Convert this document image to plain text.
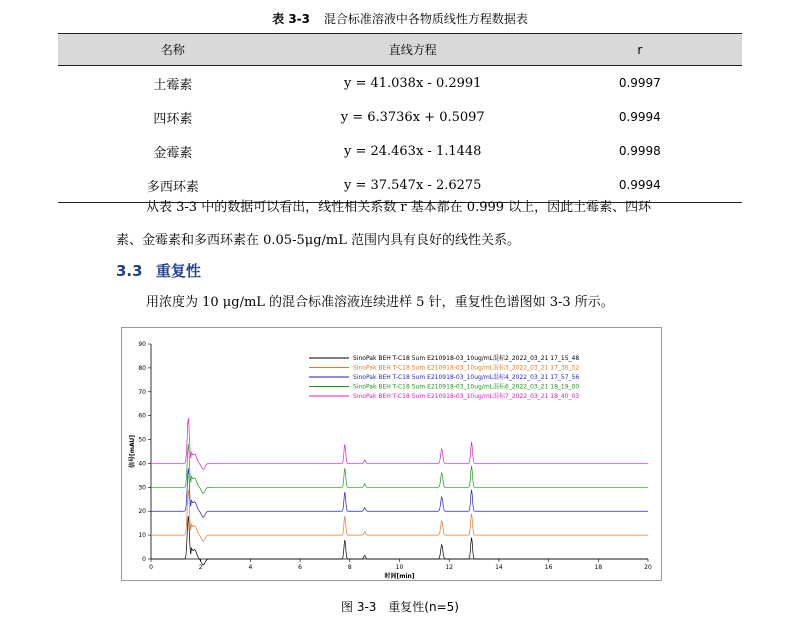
表 3-3 混合标准溶液中各物质线性方程数据表
名称	直线方程	r
土霉素	y = 41.038x - 0.2991	0.9997
四环素	y = 6.3736x + 0.5097	0.9994
金霉素	y = 24.463x - 1.1448	0.9998
多西环素	y = 37.547x - 2.6275	0.9994
从表 3-3 中的数据可以看出，线性相关系数 r 基本都在 0.999 以上，因此土霉素、四环
素、金霉素和多西环素在 0.05-5μg/mL 范围内具有良好的线性关系。
3.3 重复性
用浓度为 10 μg/mL 的混合标准溶液连续进样 5 针，重复性色谱图如 3-3 所示。
0	2	4	6	8	10	12	14	16	18	20
0
10
20
30
40
50
60
70
80
90
时间[min]
信号[mAU]
SinoPak BEH T-C18 5um E210918-03_10ug/mL混标2_2022_03_21 17_15_48
SinoPak BEH T-C18 5um E210918-03_10ug/mL混标3_2022_03_21 17_36_52
SinoPak BEH T-C18 5um E210918-03_10ug/mL混标4_2022_03_21 17_57_56
SinoPak BEH T-C18 5um E210918-03_10ug/mL混标6_2022_03_21 18_19_00
SinoPak BEH T-C18 5um E210918-03_10ug/mL混标7_2022_03_21 18_40_03
图 3-3 重复性(n=5)
